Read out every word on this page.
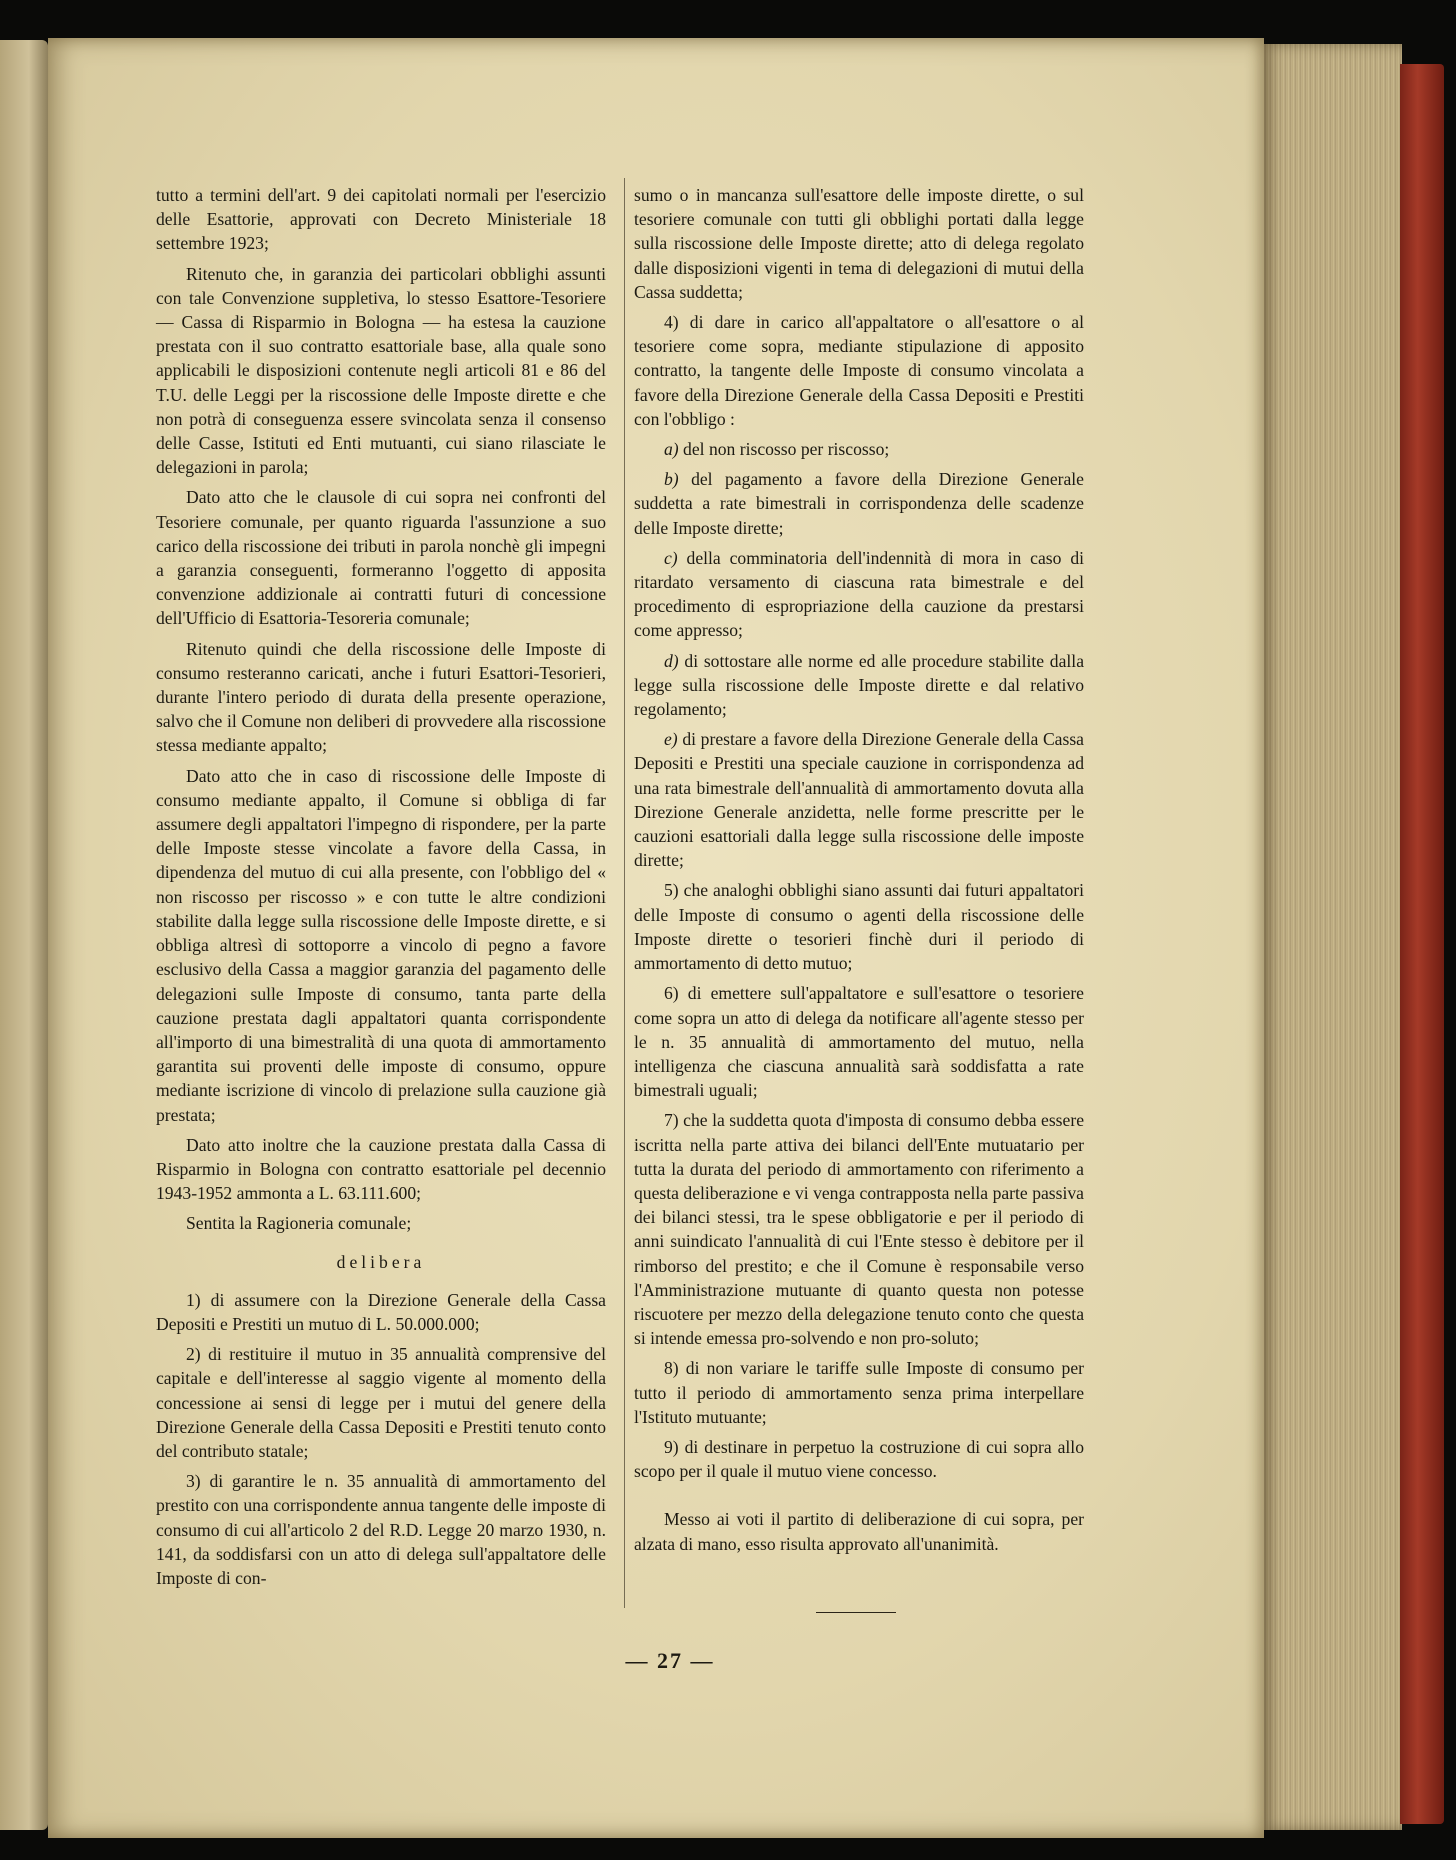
tutto a termini dell'art. 9 dei capitolati normali per l'esercizio delle Esattorie, approvati con Decreto Ministeriale 18 settembre 1923;

Ritenuto che, in garanzia dei particolari obblighi assunti con tale Convenzione suppletiva, lo stesso Esattore-Tesoriere — Cassa di Risparmio in Bologna — ha estesa la cauzione prestata con il suo contratto esattoriale base, alla quale sono applicabili le disposizioni contenute negli articoli 81 e 86 del T.U. delle Leggi per la riscossione delle Imposte dirette e che non potrà di conseguenza essere svincolata senza il consenso delle Casse, Istituti ed Enti mutuanti, cui siano rilasciate le delegazioni in parola;

Dato atto che le clausole di cui sopra nei confronti del Tesoriere comunale, per quanto riguarda l'assunzione a suo carico della riscossione dei tributi in parola nonchè gli impegni a garanzia conseguenti, formeranno l'oggetto di apposita convenzione addizionale ai contratti futuri di concessione dell'Ufficio di Esattoria-Tesoreria comunale;

Ritenuto quindi che della riscossione delle Imposte di consumo resteranno caricati, anche i futuri Esattori-Tesorieri, durante l'intero periodo di durata della presente operazione, salvo che il Comune non deliberi di provvedere alla riscossione stessa mediante appalto;

Dato atto che in caso di riscossione delle Imposte di consumo mediante appalto, il Comune si obbliga di far assumere degli appaltatori l'impegno di rispondere, per la parte delle Imposte stesse vincolate a favore della Cassa, in dipendenza del mutuo di cui alla presente, con l'obbligo del « non riscosso per riscosso » e con tutte le altre condizioni stabilite dalla legge sulla riscossione delle Imposte dirette, e si obbliga altresì di sottoporre a vincolo di pegno a favore esclusivo della Cassa a maggior garanzia del pagamento delle delegazioni sulle Imposte di consumo, tanta parte della cauzione prestata dagli appaltatori quanta corrispondente all'importo di una bimestralità di una quota di ammortamento garantita sui proventi delle imposte di consumo, oppure mediante iscrizione di vincolo di prelazione sulla cauzione già prestata;

Dato atto inoltre che la cauzione prestata dalla Cassa di Risparmio in Bologna con contratto esattoriale pel decennio 1943-1952 ammonta a L. 63.111.600;

Sentita la Ragioneria comunale;

delibera

1) di assumere con la Direzione Generale della Cassa Depositi e Prestiti un mutuo di L. 50.000.000;

2) di restituire il mutuo in 35 annualità comprensive del capitale e dell'interesse al saggio vigente al momento della concessione ai sensi di legge per i mutui del genere della Direzione Generale della Cassa Depositi e Prestiti tenuto conto del contributo statale;

3) di garantire le n. 35 annualità di ammortamento del prestito con una corrispondente annua tangente delle imposte di consumo di cui all'articolo 2 del R.D. Legge 20 marzo 1930, n. 141, da soddisfarsi con un atto di delega sull'appaltatore delle Imposte di con-

sumo o in mancanza sull'esattore delle imposte dirette, o sul tesoriere comunale con tutti gli obblighi portati dalla legge sulla riscossione delle Imposte dirette; atto di delega regolato dalle disposizioni vigenti in tema di delegazioni di mutui della Cassa suddetta;

4) di dare in carico all'appaltatore o all'esattore o al tesoriere come sopra, mediante stipulazione di apposito contratto, la tangente delle Imposte di consumo vincolata a favore della Direzione Generale della Cassa Depositi e Prestiti con l'obbligo :

a) del non riscosso per riscosso;

b) del pagamento a favore della Direzione Generale suddetta a rate bimestrali in corrispondenza delle scadenze delle Imposte dirette;

c) della comminatoria dell'indennità di mora in caso di ritardato versamento di ciascuna rata bimestrale e del procedimento di espropriazione della cauzione da prestarsi come appresso;

d) di sottostare alle norme ed alle procedure stabilite dalla legge sulla riscossione delle Imposte dirette e dal relativo regolamento;

e) di prestare a favore della Direzione Generale della Cassa Depositi e Prestiti una speciale cauzione in corrispondenza ad una rata bimestrale dell'annualità di ammortamento dovuta alla Direzione Generale anzidetta, nelle forme prescritte per le cauzioni esattoriali dalla legge sulla riscossione delle imposte dirette;

5) che analoghi obblighi siano assunti dai futuri appaltatori delle Imposte di consumo o agenti della riscossione delle Imposte dirette o tesorieri finchè duri il periodo di ammortamento di detto mutuo;

6) di emettere sull'appaltatore e sull'esattore o tesoriere come sopra un atto di delega da notificare all'agente stesso per le n. 35 annualità di ammortamento del mutuo, nella intelligenza che ciascuna annualità sarà soddisfatta a rate bimestrali uguali;

7) che la suddetta quota d'imposta di consumo debba essere iscritta nella parte attiva dei bilanci dell'Ente mutuatario per tutta la durata del periodo di ammortamento con riferimento a questa deliberazione e vi venga contrapposta nella parte passiva dei bilanci stessi, tra le spese obbligatorie e per il periodo di anni suindicato l'annualità di cui l'Ente stesso è debitore per il rimborso del prestito; e che il Comune è responsabile verso l'Amministrazione mutuante di quanto questa non potesse riscuotere per mezzo della delegazione tenuto conto che questa si intende emessa pro-solvendo e non pro-soluto;

8) di non variare le tariffe sulle Imposte di consumo per tutto il periodo di ammortamento senza prima interpellare l'Istituto mutuante;

9) di destinare in perpetuo la costruzione di cui sopra allo scopo per il quale il mutuo viene concesso.

Messo ai voti il partito di deliberazione di cui sopra, per alzata di mano, esso risulta approvato all'unanimità.

— 27 —
